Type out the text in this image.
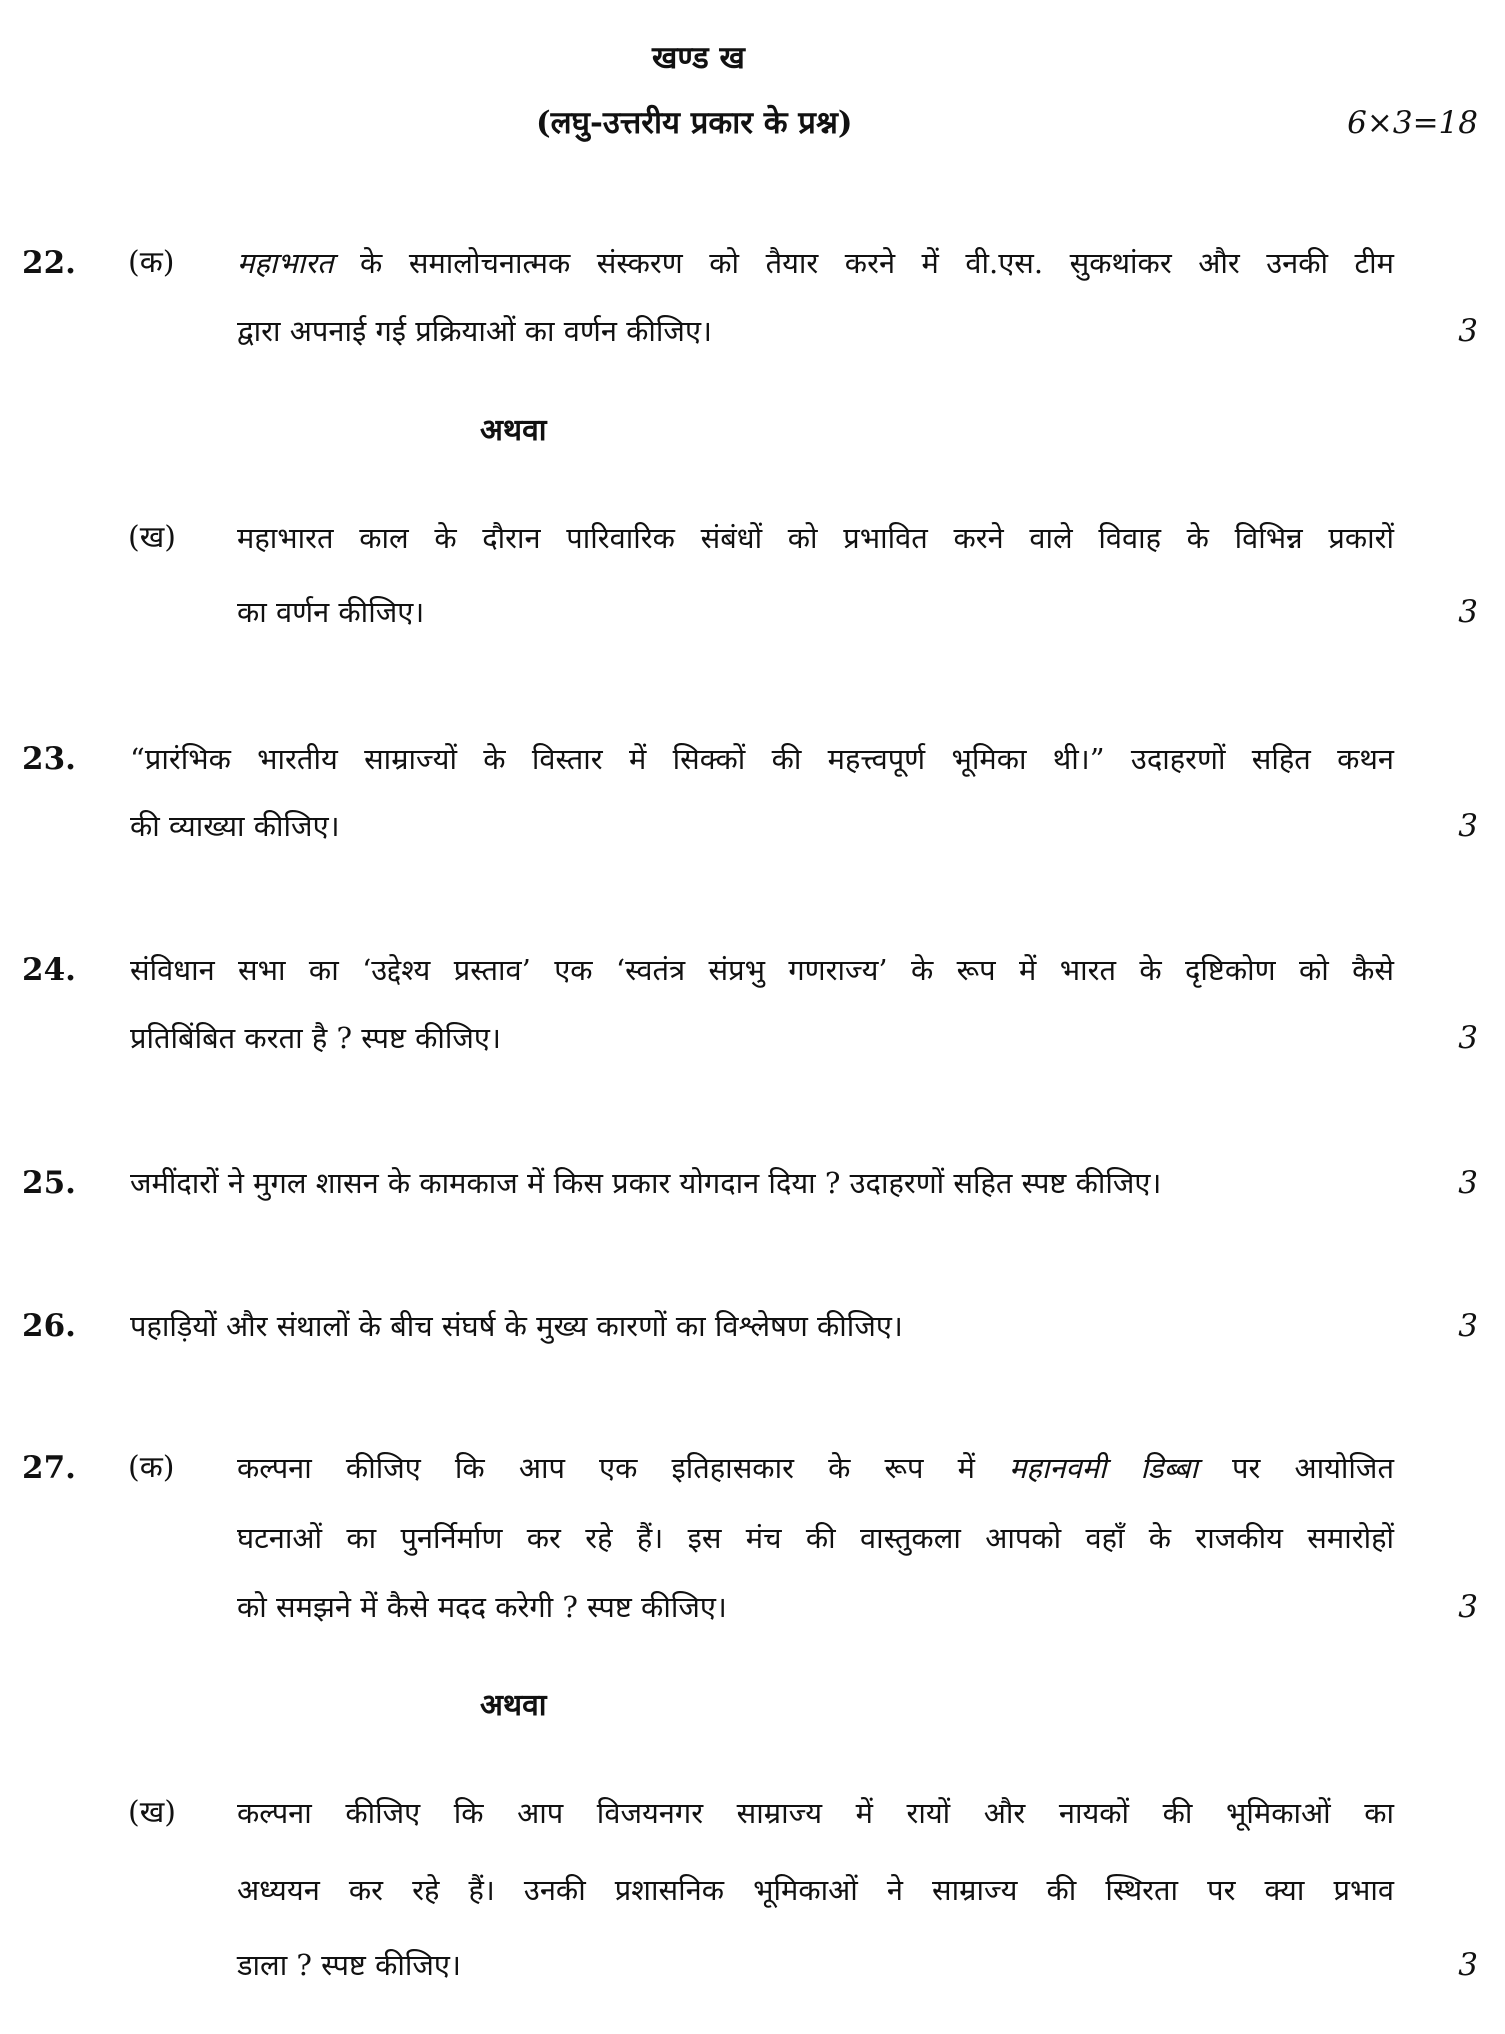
खण्ड ख
(लघु-उत्तरीय प्रकार के प्रश्न)	6×3=18
22. (क) महाभारत के समालोचनात्मक संस्करण को तैयार करने में वी.एस. सुकथांकर और उनकी टीम
द्वारा अपनाई गई प्रक्रियाओं का वर्णन कीजिए।	3
अथवा
(ख) महाभारत काल के दौरान पारिवारिक संबंधों को प्रभावित करने वाले विवाह के विभिन्न प्रकारों
का वर्णन कीजिए।	3
23. “प्रारंभिक भारतीय साम्राज्यों के विस्तार में सिक्कों की महत्त्वपूर्ण भूमिका थी।” उदाहरणों सहित कथन
की व्याख्या कीजिए।	3
24. संविधान सभा का ‘उद्देश्य प्रस्ताव’ एक ‘स्वतंत्र संप्रभु गणराज्य’ के रूप में भारत के दृष्टिकोण को कैसे
प्रतिबिंबित करता है ? स्पष्ट कीजिए।	3
25. जमींदारों ने मुगल शासन के कामकाज में किस प्रकार योगदान दिया ? उदाहरणों सहित स्पष्ट कीजिए।	3
26. पहाड़ियों और संथालों के बीच संघर्ष के मुख्य कारणों का विश्लेषण कीजिए।	3
27. (क) कल्पना कीजिए कि आप एक इतिहासकार के रूप में महानवमी डिब्बा पर आयोजित
घटनाओं का पुनर्निर्माण कर रहे हैं। इस मंच की वास्तुकला आपको वहाँ के राजकीय समारोहों
को समझने में कैसे मदद करेगी ? स्पष्ट कीजिए।	3
अथवा
(ख) कल्पना कीजिए कि आप विजयनगर साम्राज्य में रायों और नायकों की भूमिकाओं का
अध्ययन कर रहे हैं। उनकी प्रशासनिक भूमिकाओं ने साम्राज्य की स्थिरता पर क्या प्रभाव
डाला ? स्पष्ट कीजिए।	3
